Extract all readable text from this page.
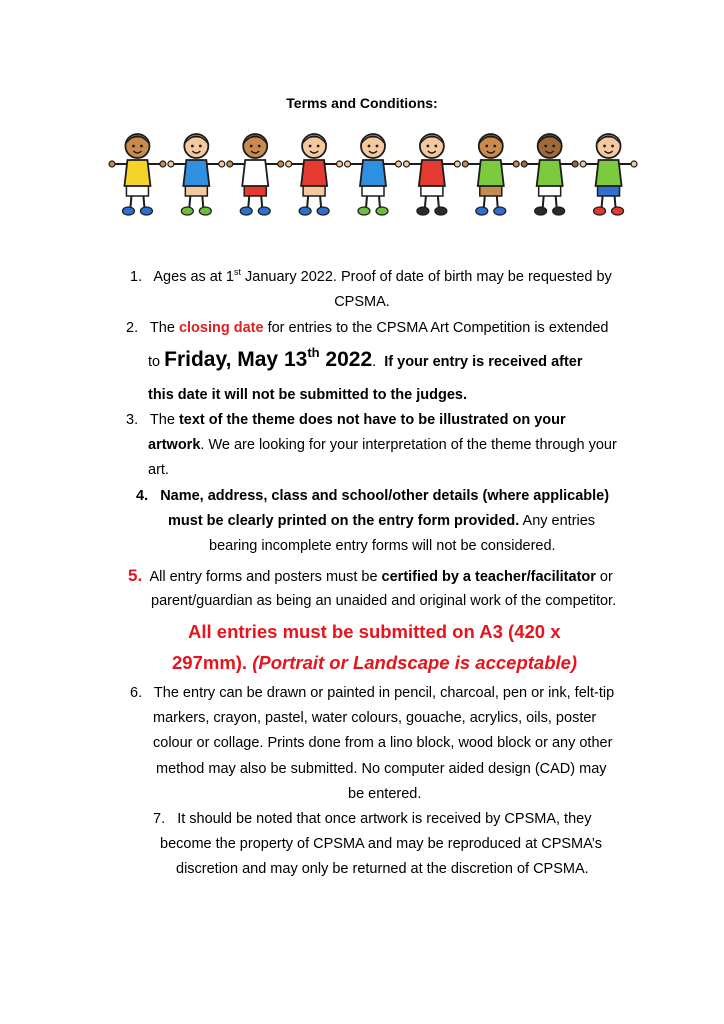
Terms and Conditions:
1. Ages as at 1st January 2022. Proof of date of birth may be requested by
CPSMA.
2. The closing date for entries to the CPSMA Art Competition is extended
to Friday, May 13th 2022. If your entry is received after
this date it will not be submitted to the judges.
3. The text of the theme does not have to be illustrated on your
artwork. We are looking for your interpretation of the theme through your
art.
4. Name, address, class and school/other details (where applicable)
must be clearly printed on the entry form provided. Any entries
bearing incomplete entry forms will not be considered.
5. All entry forms and posters must be certified by a teacher/facilitator or
parent/guardian as being an unaided and original work of the competitor.
All entries must be submitted on A3 (420 x
297mm). (Portrait or Landscape is acceptable)
6. The entry can be drawn or painted in pencil, charcoal, pen or ink, felt-tip
markers, crayon, pastel, water colours, gouache, acrylics, oils, poster
colour or collage. Prints done from a lino block, wood block or any other
method may also be submitted. No computer aided design (CAD) may
be entered.
7. It should be noted that once artwork is received by CPSMA, they
become the property of CPSMA and may be reproduced at CPSMA’s
discretion and may only be returned at the discretion of CPSMA.
